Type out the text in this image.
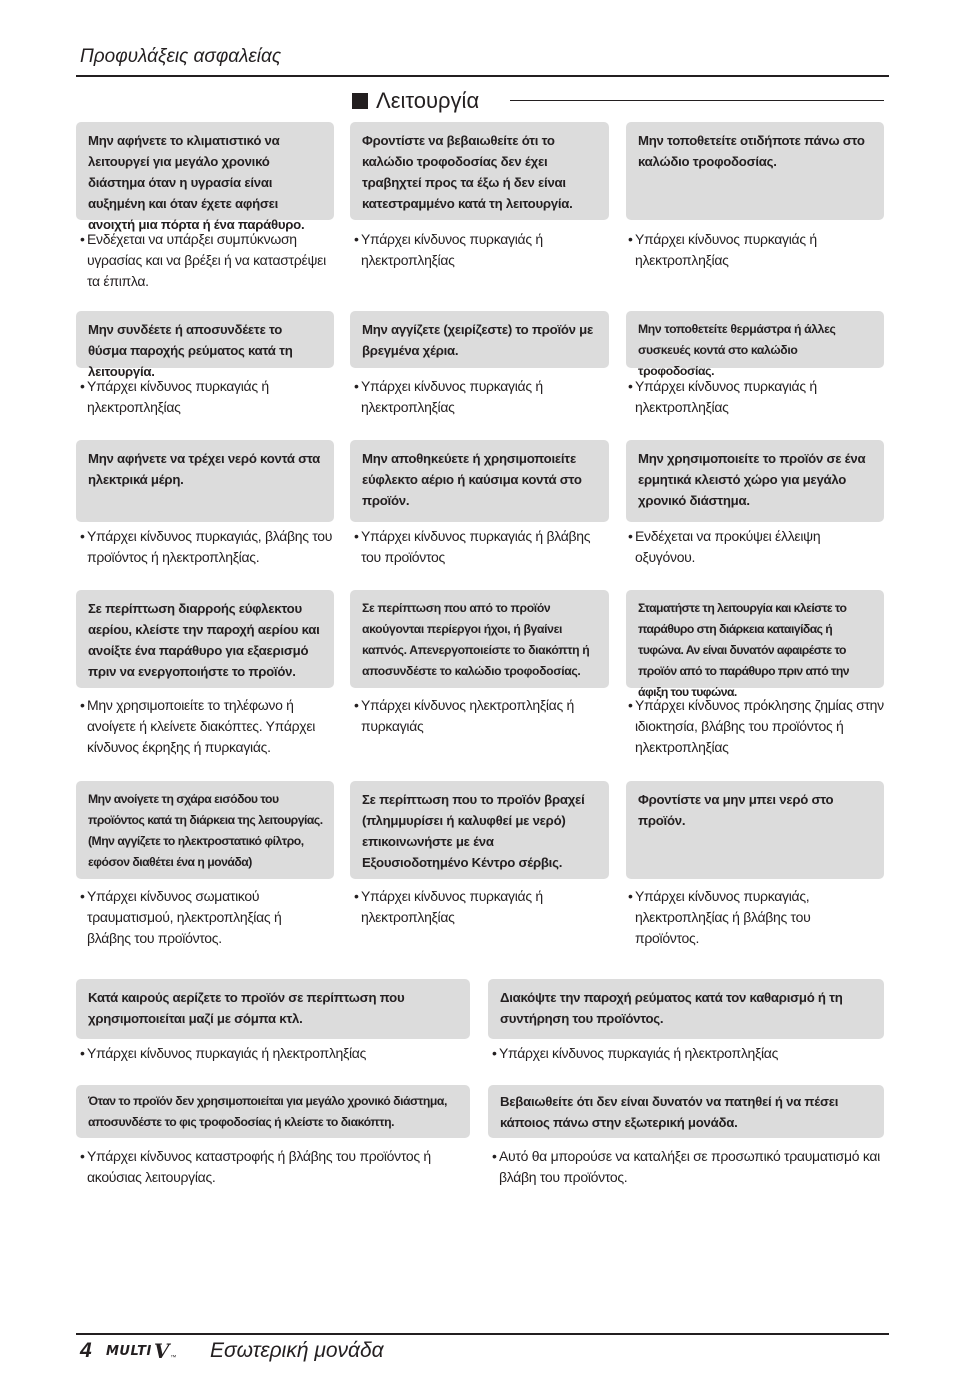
Προφυλάξεις ασφαλείας
Λειτουργία
Μην αφήνετε το κλιματιστικό να λειτουργεί για μεγάλο χρονικό διάστημα όταν η υγρασία είναι αυξημένη και όταν έχετε αφήσει ανοιχτή μια πόρτα ή ένα παράθυρο.
• Ενδέχεται να υπάρξει συμπύκνωση υγρασίας και να βρέξει ή να καταστρέψει τα έπιπλα.
Φροντίστε να βεβαιωθείτε ότι το καλώδιο τροφοδοσίας δεν έχει τραβηχτεί προς τα έξω ή δεν είναι κατεστραμμένο κατά τη λειτουργία.
• Υπάρχει κίνδυνος πυρκαγιάς ή ηλεκτροπληξίας
Μην τοποθετείτε οτιδήποτε πάνω στο καλώδιο τροφοδοσίας.
• Υπάρχει κίνδυνος πυρκαγιάς ή ηλεκτροπληξίας
Μην συνδέετε ή αποσυνδέετε το θύσμα παροχής ρεύματος κατά τη λειτουργία.
• Υπάρχει κίνδυνος πυρκαγιάς ή ηλεκτροπληξίας
Μην αγγίζετε (χειρίζεστε) το προϊόν με βρεγμένα χέρια.
• Υπάρχει κίνδυνος πυρκαγιάς ή ηλεκτροπληξίας
Μην τοποθετείτε θερμάστρα ή άλλες συσκευές κοντά στο καλώδιο τροφοδοσίας.
• Υπάρχει κίνδυνος πυρκαγιάς ή ηλεκτροπληξίας
Μην αφήνετε να τρέχει νερό κοντά στα ηλεκτρικά μέρη.
• Υπάρχει κίνδυνος πυρκαγιάς, βλάβης του προϊόντος ή ηλεκτροπληξίας.
Μην αποθηκεύετε ή χρησιμοποιείτε εύφλεκτο αέριο ή καύσιμα κοντά στο προϊόν.
• Υπάρχει κίνδυνος πυρκαγιάς ή βλάβης του προϊόντος
Μην χρησιμοποιείτε το προϊόν σε ένα ερμητικά κλειστό χώρο για μεγάλο χρονικό διάστημα.
• Ενδέχεται να προκύψει έλλειψη οξυγόνου.
Σε περίπτωση διαρροής εύφλεκτου αερίου, κλείστε την παροχή αερίου και ανοίξτε ένα παράθυρο για εξαερισμό πριν να ενεργοποιήστε το προϊόν.
• Μην χρησιμοποιείτε το τηλέφωνο ή ανοίγετε ή κλείνετε διακόπτες. Υπάρχει κίνδυνος έκρηξης ή πυρκαγιάς.
Σε περίπτωση που από το προϊόν ακούγονται περίεργοι ήχοι, ή βγαίνει καπνός. Απενεργοποιείστε το διακόπτη ή αποσυνδέστε το καλώδιο τροφοδοσίας.
• Υπάρχει κίνδυνος ηλεκτροπληξίας ή πυρκαγιάς
Σταματήστε τη λειτουργία και κλείστε το παράθυρο στη διάρκεια καταιγίδας ή τυφώνα. Αν είναι δυνατόν αφαιρέστε το προϊόν από το παράθυρο πριν από την άφιξη του τυφώνα.
• Υπάρχει κίνδυνος πρόκλησης ζημίας στην ιδιοκτησία, βλάβης του προϊόντος ή ηλεκτροπληξίας
Μην ανοίγετε τη σχάρα εισόδου του προϊόντος κατά τη διάρκεια της λειτουργίας. (Μην αγγίζετε το ηλεκτροστατικό φίλτρο, εφόσον διαθέτει ένα η μονάδα)
• Υπάρχει κίνδυνος σωματικού τραυματισμού, ηλεκτροπληξίας ή βλάβης του προϊόντος.
Σε περίπτωση που το προϊόν βραχεί (πλημμυρίσει ή καλυφθεί με νερό) επικοινωνήστε με ένα Εξουσιοδοτημένο Κέντρο σέρβις.
• Υπάρχει κίνδυνος πυρκαγιάς ή ηλεκτροπληξίας
Φροντίστε να μην μπει νερό στο προϊόν.
• Υπάρχει κίνδυνος πυρκαγιάς, ηλεκτροπληξίας ή βλάβης του προϊόντος.
Κατά καιρούς αερίζετε το προϊόν σε περίπτωση που χρησιμοποιείται μαζί με σόμπα κτλ.
• Υπάρχει κίνδυνος πυρκαγιάς ή ηλεκτροπληξίας
Διακόψτε την παροχή ρεύματος κατά τον καθαρισμό ή τη συντήρηση του προϊόντος.
• Υπάρχει κίνδυνος πυρκαγιάς ή ηλεκτροπληξίας
Όταν το προϊόν δεν χρησιμοποιείται για μεγάλο χρονικό διάστημα, αποσυνδέστε το φις τροφοδοσίας ή κλείστε το διακόπτη.
• Υπάρχει κίνδυνος καταστροφής ή βλάβης του προϊόντος ή ακούσιας λειτουργίας.
Βεβαιωθείτε ότι δεν είναι δυνατόν να πατηθεί ή να πέσει κάποιος πάνω στην εξωτερική μονάδα.
• Αυτό θα μπορούσε να καταλήξει σε προσωπικό τραυματισμό και βλάβη του προϊόντος.
4 MULTI V ™ Εσωτερική μονάδα
